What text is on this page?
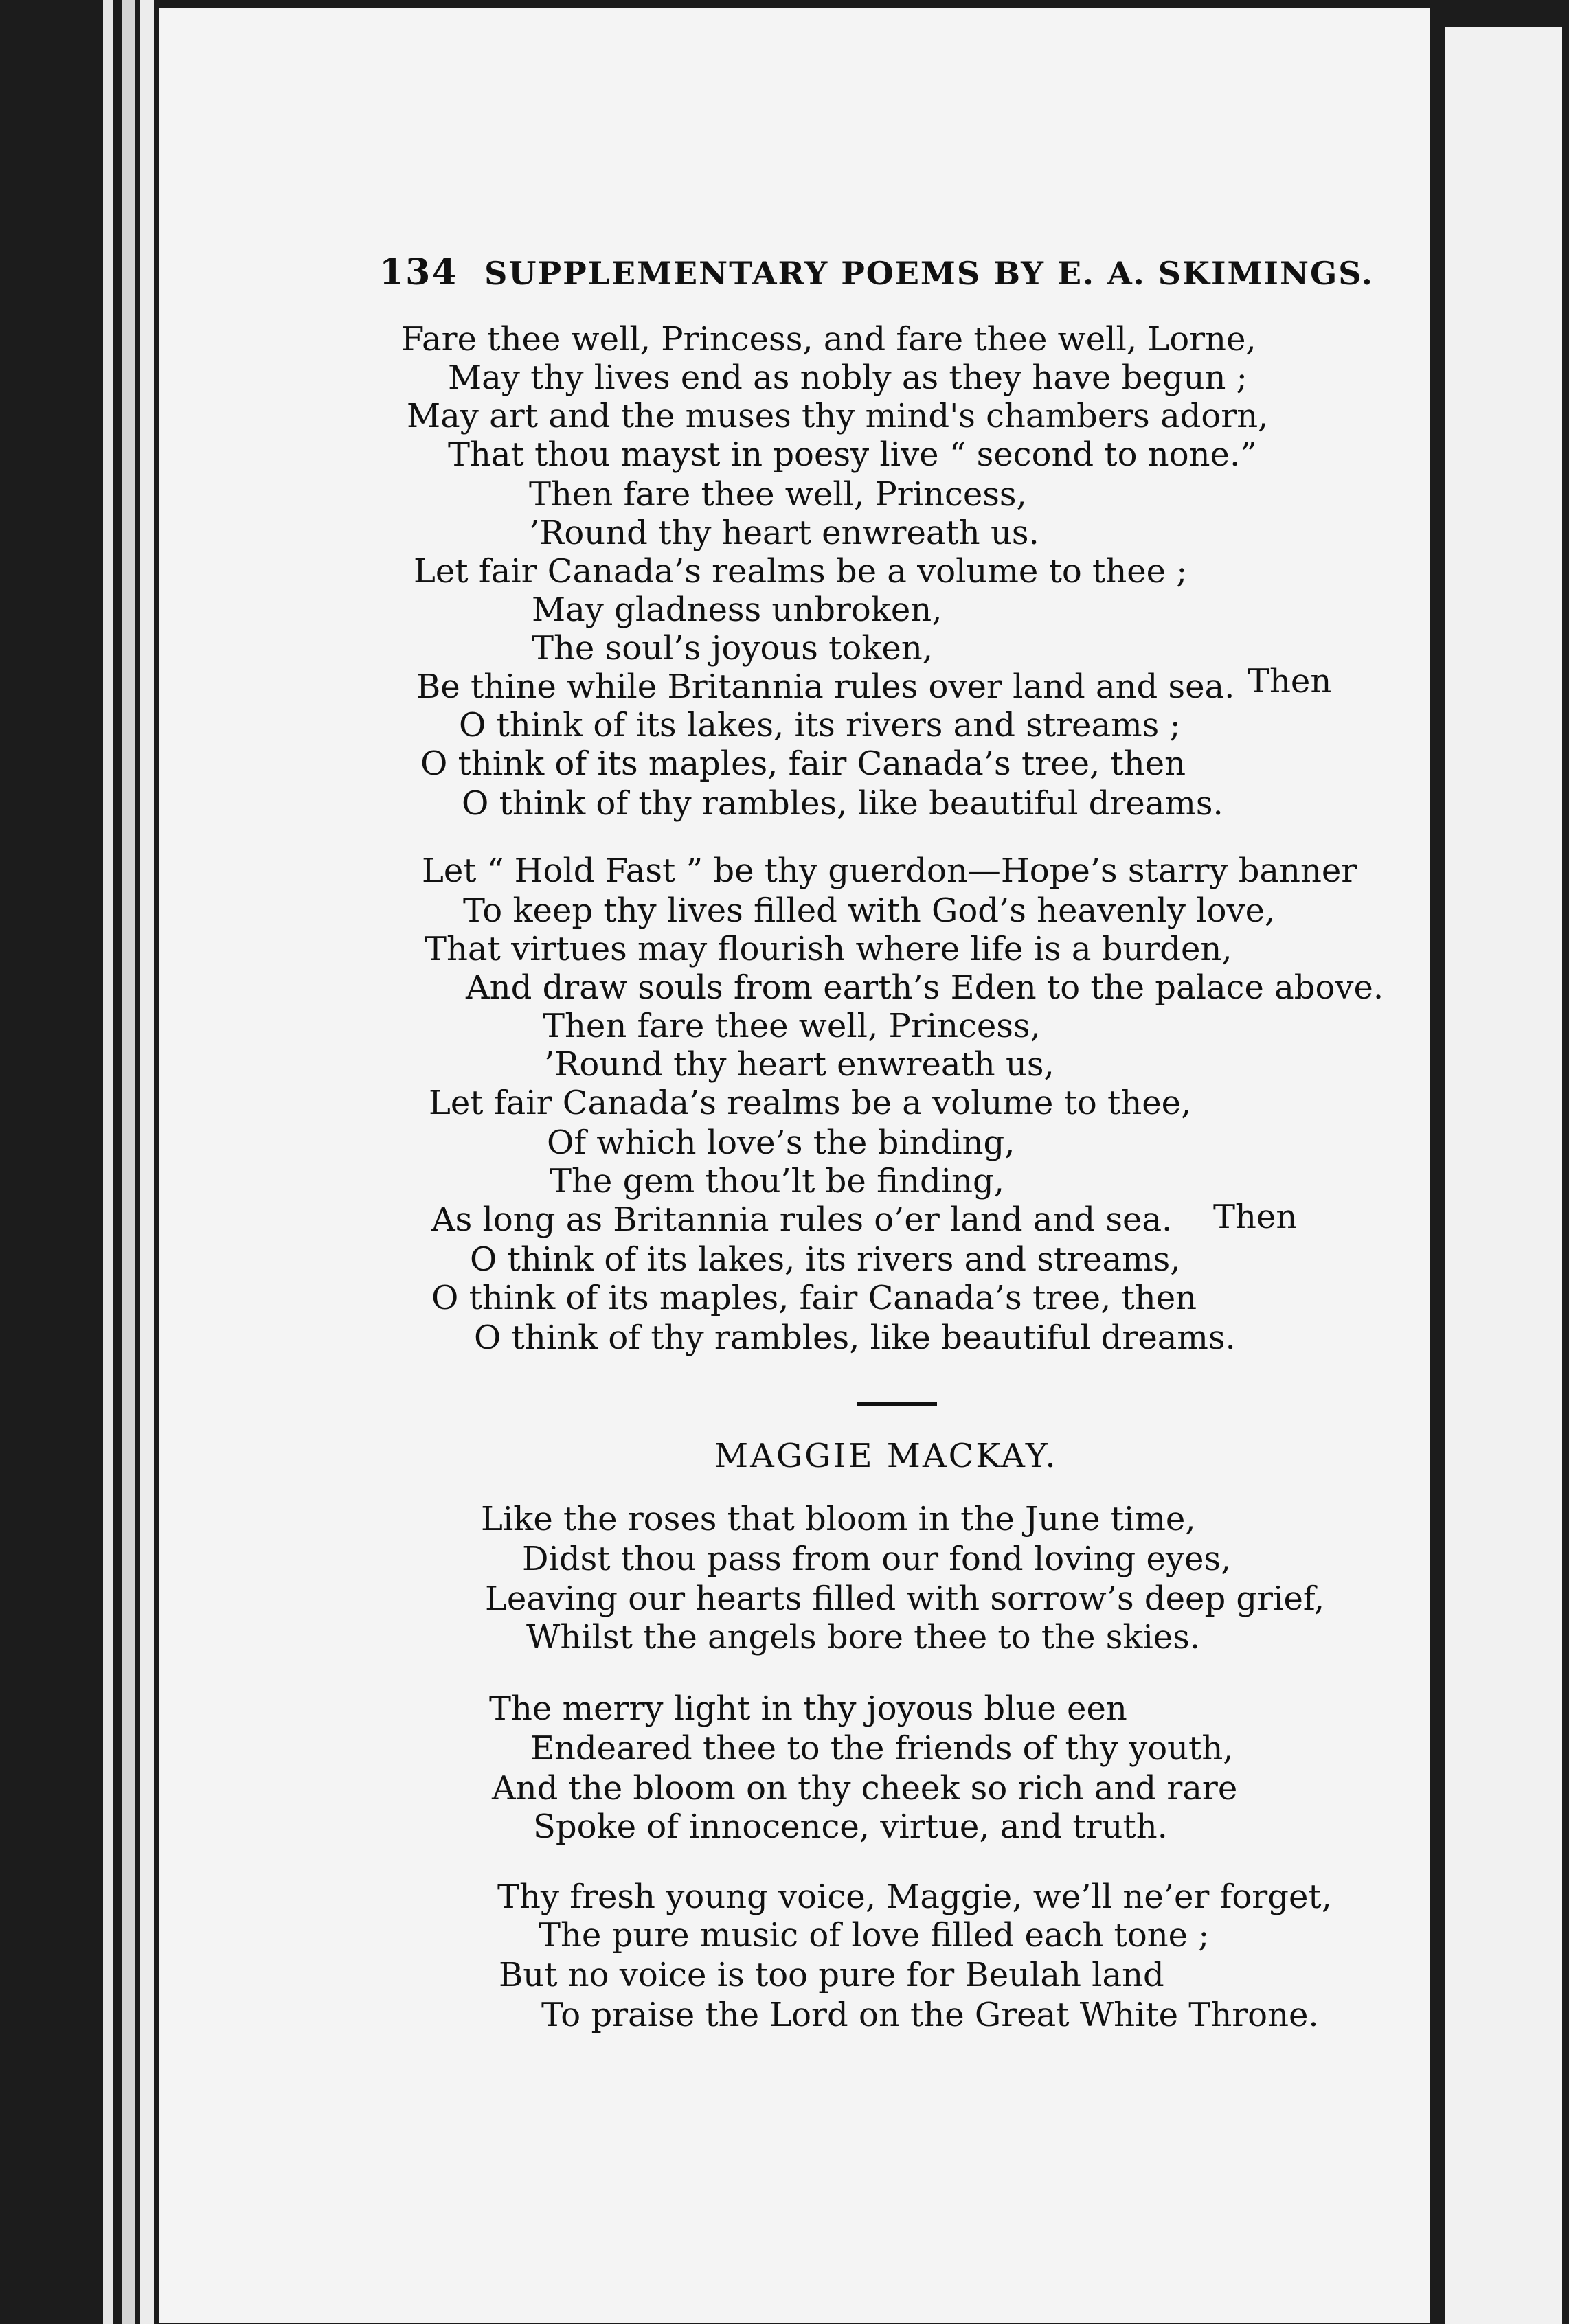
134 SUPPLEMENTARY POEMS BY E. A. SKIMINGS.
Fare thee well, Princess, and fare thee well, Lorne,
May thy lives end as nobly as they have begun ;
May art and the muses thy mind's chambers adorn,
That thou mayst in poesy live “ second to none.”
Then fare thee well, Princess,
’Round thy heart enwreath us.
Let fair Canada’s realms be a volume to thee ;
May gladness unbroken,
The soul’s joyous token,
Be thine while Britannia rules over land and sea. Then
O think of its lakes, its rivers and streams ;
O think of its maples, fair Canada’s tree, then
O think of thy rambles, like beautiful dreams.
Let “ Hold Fast ” be thy guerdon—Hope’s starry banner
To keep thy lives filled with God’s heavenly love,
That virtues may flourish where life is a burden,
And draw souls from earth’s Eden to the palace above.
Then fare thee well, Princess,
’Round thy heart enwreath us,
Let fair Canada’s realms be a volume to thee,
Of which love’s the binding,
The gem thou’lt be finding,
As long as Britannia rules o’er land and sea. Then
O think of its lakes, its rivers and streams,
O think of its maples, fair Canada’s tree, then
O think of thy rambles, like beautiful dreams.
MAGGIE MACKAY.
Like the roses that bloom in the June time,
Didst thou pass from our fond loving eyes,
Leaving our hearts filled with sorrow’s deep grief,
Whilst the angels bore thee to the skies.
The merry light in thy joyous blue een
Endeared thee to the friends of thy youth,
And the bloom on thy cheek so rich and rare
Spoke of innocence, virtue, and truth.
Thy fresh young voice, Maggie, we’ll ne’er forget,
The pure music of love filled each tone ;
But no voice is too pure for Beulah land
To praise the Lord on the Great White Throne.
